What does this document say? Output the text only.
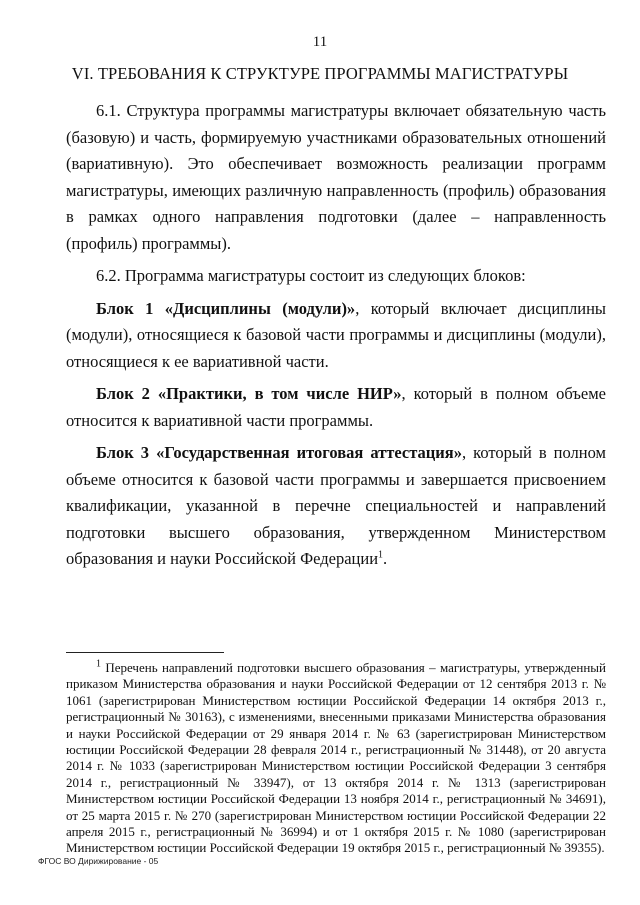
11
VI. ТРЕБОВАНИЯ К СТРУКТУРЕ ПРОГРАММЫ МАГИСТРАТУРЫ

6.1. Структура программы магистратуры включает обязательную часть (базовую) и часть, формируемую участниками образовательных отношений (вариативную). Это обеспечивает возможность реализации программ магистратуры, имеющих различную направленность (профиль) образования в рамках одного направления подготовки (далее – направленность (профиль) программы).

6.2. Программа магистратуры состоит из следующих блоков:

Блок 1 «Дисциплины (модули)», который включает дисциплины (модули), относящиеся к базовой части программы и дисциплины (модули), относящиеся к ее вариативной части.

Блок 2 «Практики, в том числе НИР», который в полном объеме относится к вариативной части программы.

Блок 3 «Государственная итоговая аттестация», который в полном объеме относится к базовой части программы и завершается присвоением квалификации, указанной в перечне специальностей и направлений подготовки высшего образования, утвержденном Министерством образования и науки Российской Федерации$^1$.

$^1$ Перечень направлений подготовки высшего образования – магистратуры, утвержденный приказом Министерства образования и науки Российской Федерации от 12 сентября 2013 г. № 1061 (зарегистрирован Министерством юстиции Российской Федерации 14 октября 2013 г., регистрационный № 30163), с изменениями, внесенными приказами Министерства образования и науки Российской Федерации от 29 января 2014 г. № 63 (зарегистрирован Министерством юстиции Российской Федерации 28 февраля 2014 г., регистрационный № 31448), от 20 августа 2014 г. № 1033 (зарегистрирован Министерством юстиции Российской Федерации 3 сентября 2014 г., регистрационный № 33947), от 13 октября 2014 г. № 1313 (зарегистрирован Министерством юстиции Российской Федерации 13 ноября 2014 г., регистрационный № 34691), от 25 марта 2015 г. № 270 (зарегистрирован Министерством юстиции Российской Федерации 22 апреля 2015 г., регистрационный № 36994) и от 1 октября 2015 г. № 1080 (зарегистрирован Министерством юстиции Российской Федерации 19 октября 2015 г., регистрационный № 39355).

ФГОС ВО Дирижирование - 05
